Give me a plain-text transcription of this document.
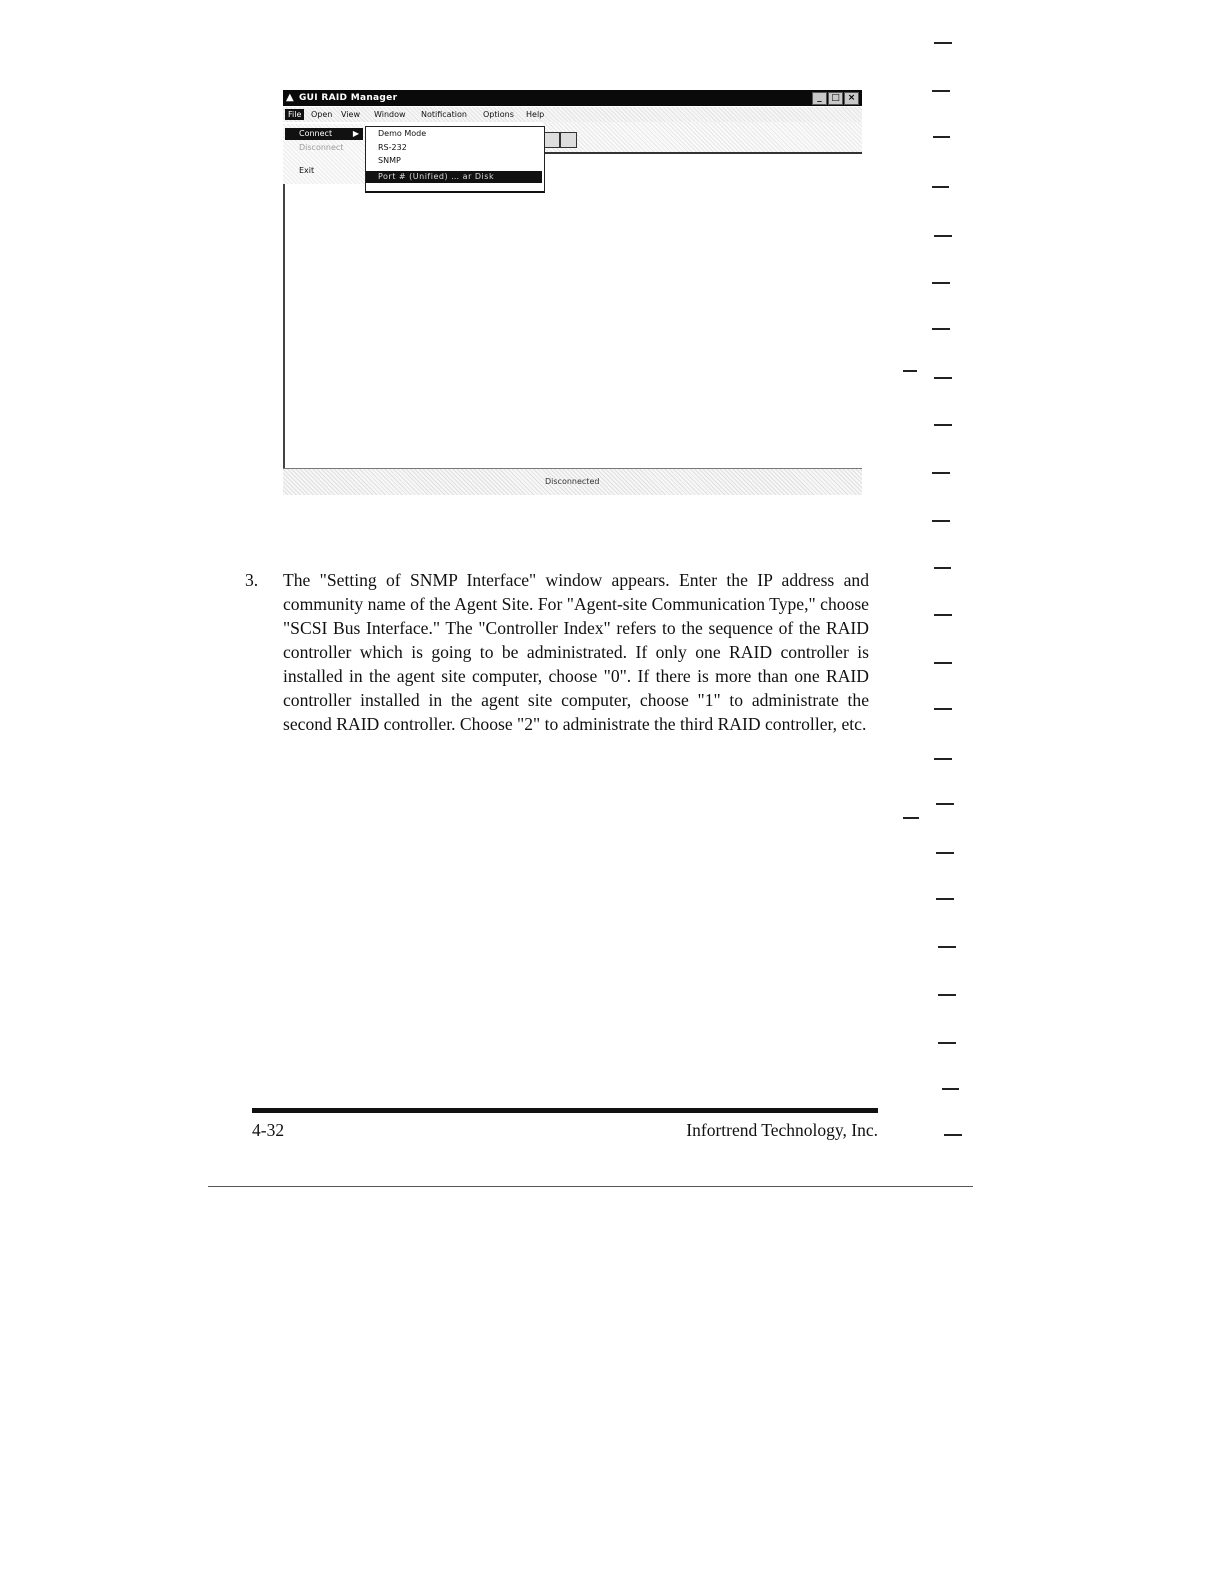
▲ GUI RAID Manager	_	□ ×
File	Open View Window Notification Options Help
Connect	▶
Disconnect
Exit
Demo Mode
RS-232
SNMP
Port # (Unified) … ar Disk
Disconnected
3. The "Setting of SNMP Interface" window appears. Enter the IP address and community name of the Agent Site. For "Agent-site Communication Type," choose "SCSI Bus Interface." The "Controller Index" refers to the sequence of the RAID controller which is going to be administrated. If only one RAID controller is installed in the agent site computer, choose "0". If there is more than one RAID controller installed in the agent site computer, choose "1" to administrate the second RAID controller. Choose "2" to administrate the third RAID controller, etc.
4-32	Infortrend Technology, Inc.
